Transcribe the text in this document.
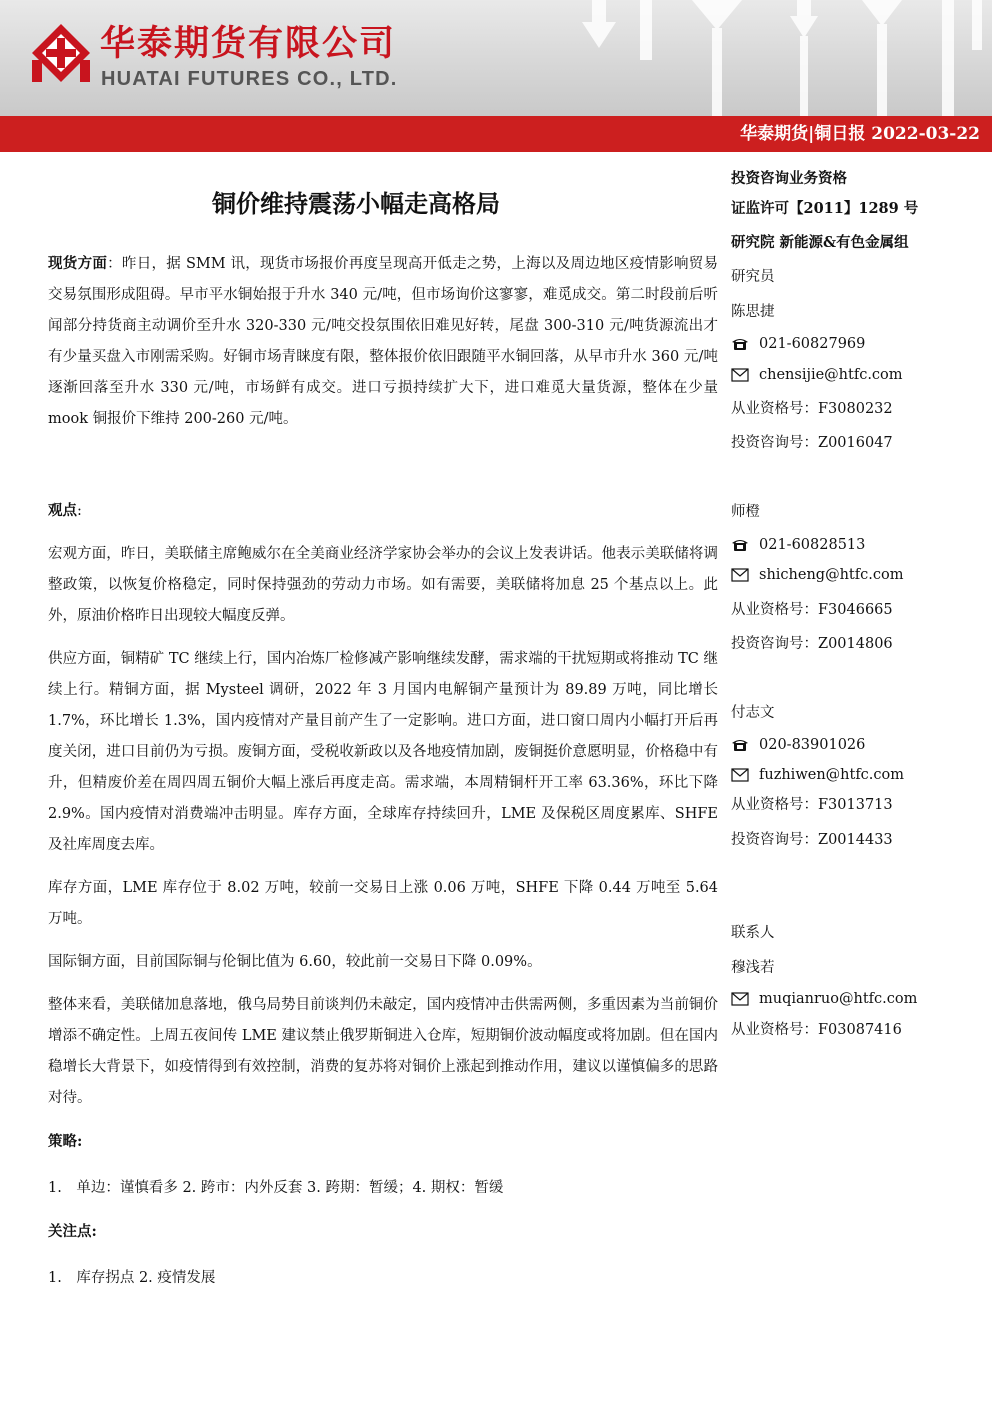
华泰期货有限公司
HUATAI FUTURES CO., LTD.
华泰期货|铜日报 2022-03-22
铜价维持震荡小幅走高格局

现货方面：昨日，据 SMM 讯，现货市场报价再度呈现高开低走之势，上海以及周边地区疫情影响贸易交易氛围形成阻碍。早市平水铜始报于升水 340 元/吨，但市场询价这寥寥，难觅成交。第二时段前后听闻部分持货商主动调价至升水 320-330 元/吨交投氛围依旧难见好转，尾盘 300-310 元/吨货源流出才有少量买盘入市刚需采购。好铜市场青睐度有限，整体报价依旧跟随平水铜回落，从早市升水 360 元/吨逐渐回落至升水 330 元/吨，市场鲜有成交。进口亏损持续扩大下，进口难觅大量货源，整体在少量 mook 铜报价下维持 200-260 元/吨。

观点:

宏观方面，昨日，美联储主席鲍威尔在全美商业经济学家协会举办的会议上发表讲话。他表示美联储将调整政策，以恢复价格稳定，同时保持强劲的劳动力市场。如有需要，美联储将加息 25 个基点以上。此外，原油价格昨日出现较大幅度反弹。

供应方面，铜精矿 TC 继续上行，国内冶炼厂检修减产影响继续发酵，需求端的干扰短期或将推动 TC 继续上行。精铜方面，据 Mysteel 调研，2022 年 3 月国内电解铜产量预计为 89.89 万吨，同比增长 1.7%，环比增长 1.3%，国内疫情对产量目前产生了一定影响。进口方面，进口窗口周内小幅打开后再度关闭，进口目前仍为亏损。废铜方面，受税收新政以及各地疫情加剧，废铜挺价意愿明显，价格稳中有升，但精废价差在周四周五铜价大幅上涨后再度走高。需求端，本周精铜杆开工率 63.36%，环比下降 2.9%。国内疫情对消费端冲击明显。库存方面，全球库存持续回升，LME 及保税区周度累库、SHFE 及社库周度去库。

库存方面，LME 库存位于 8.02 万吨，较前一交易日上涨 0.06 万吨，SHFE 下降 0.44 万吨至 5.64 万吨。

国际铜方面，目前国际铜与伦铜比值为 6.60，较此前一交易日下降 0.09%。

整体来看，美联储加息落地，俄乌局势目前谈判仍未敲定，国内疫情冲击供需两侧，多重因素为当前铜价增添不确定性。上周五夜间传 LME 建议禁止俄罗斯铜进入仓库，短期铜价波动幅度或将加剧。但在国内稳增长大背景下，如疫情得到有效控制，消费的复苏将对铜价上涨起到推动作用，建议以谨慎偏多的思路对待。

策略:

1.　单边：谨慎看多 2. 跨市：内外反套 3. 跨期：暂缓；4. 期权：暂缓

关注点:

1.　库存拐点 2. 疫情发展

投资咨询业务资格
证监许可【2011】1289 号
研究院 新能源&有色金属组
研究员
陈思捷
021-60827969
chensijie@htfc.com
从业资格号：F3080232
投资咨询号：Z0016047
师橙
021-60828513
shicheng@htfc.com
从业资格号：F3046665
投资咨询号：Z0014806
付志文
020-83901026
fuzhiwen@htfc.com
从业资格号：F3013713
投资咨询号：Z0014433
联系人
穆浅若
muqianruo@htfc.com
从业资格号：F03087416
